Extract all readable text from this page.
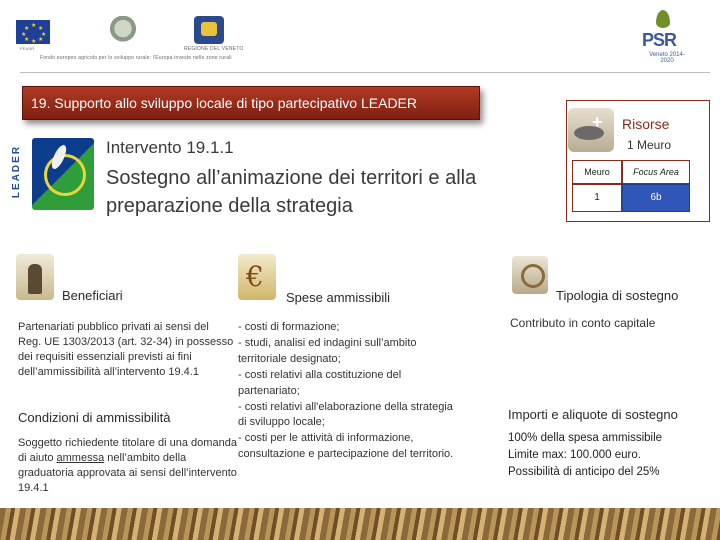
★ ★
★
★
★
★
★
★
FEASR	REGIONE DEL VENETO
Fondo europeo agricolo per lo sviluppo rurale: l'Europa investe nelle zone rurali
PSR
Veneto 2014-2020
19. Supporto allo sviluppo locale di tipo partecipativo LEADER
LEADER	Intervento 19.1.1
Sostegno all’animazione dei territori e alla preparazione della strategia
+ Risorse
1 Meuro
Meuro	Focus Area
1	6b
Beneficiari
Partenariati pubblico privati ai sensi del Reg. UE 1303/2013 (art. 32-34) in possesso dei requisiti essenziali previsti ai fini dell’ammissibilità all’intervento 19.4.1
Condizioni di ammissibilità
Soggetto richiedente titolare di una domanda di aiuto ammessa nell’ambito della graduatoria approvata ai sensi dell’intervento 19.4.1
€
Spese ammissibili
- costi di formazione;
- studi, analisi ed indagini sull’ambito
territoriale designato;
- costi relativi alla costituzione del
partenariato;
- costi relativi all'elaborazione della strategia
di sviluppo locale;
- costi per le attività di informazione,
consultazione e partecipazione del territorio.
Tipologia di sostegno
Contributo in conto capitale
Importi e aliquote di sostegno
100% della spesa ammissibile
Limite max: 100.000 euro.
Possibilità di anticipo del 25%
